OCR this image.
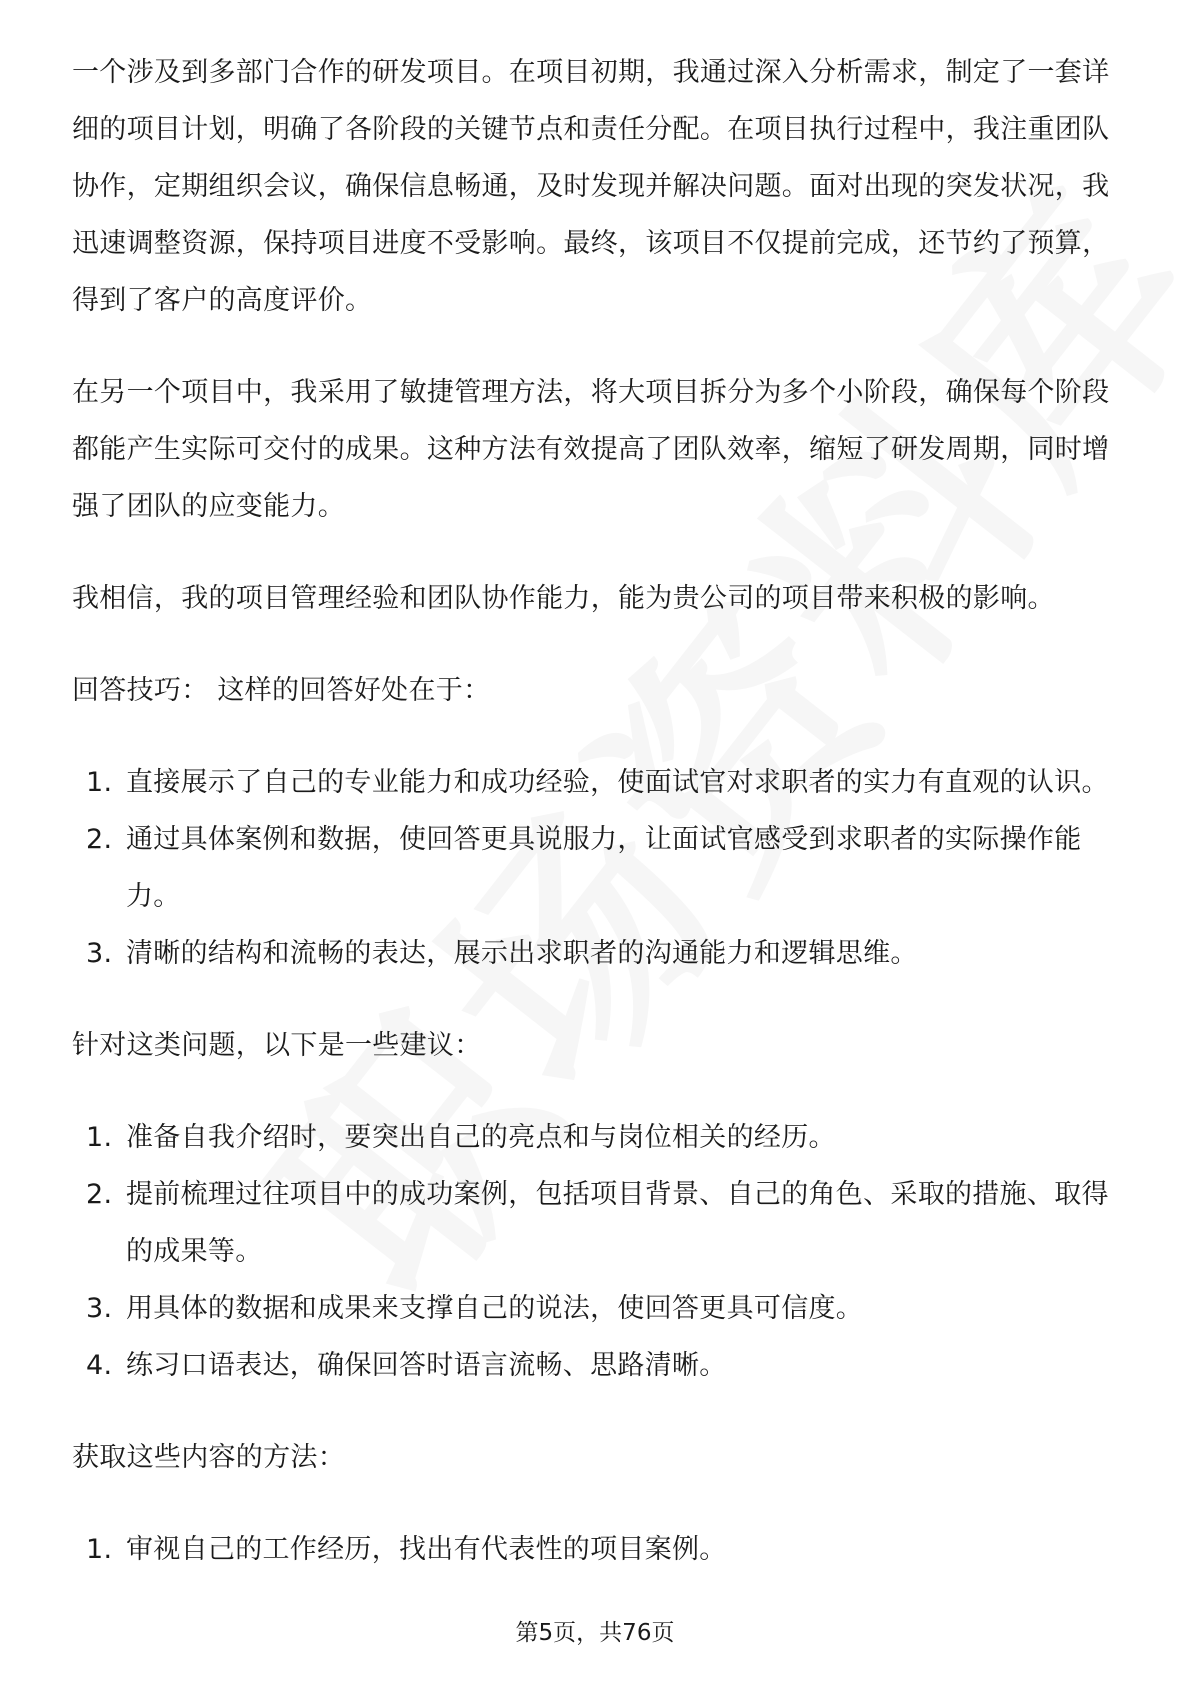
一个涉及到多部门合作的研发项目。在项目初期，我通过深入分析需求，制定了一套详细的项目计划，明确了各阶段的关键节点和责任分配。在项目执行过程中，我注重团队协作，定期组织会议，确保信息畅通，及时发现并解决问题。面对出现的突发状况，我迅速调整资源，保持项目进度不受影响。最终，该项目不仅提前完成，还节约了预算，得到了客户的高度评价。

在另一个项目中，我采用了敏捷管理方法，将大项目拆分为多个小阶段，确保每个阶段都能产生实际可交付的成果。这种方法有效提高了团队效率，缩短了研发周期，同时增强了团队的应变能力。

我相信，我的项目管理经验和团队协作能力，能为贵公司的项目带来积极的影响。

回答技巧： 这样的回答好处在于：

1. 直接展示了自己的专业能力和成功经验，使面试官对求职者的实力有直观的认识。
2. 通过具体案例和数据，使回答更具说服力，让面试官感受到求职者的实际操作能力。
3. 清晰的结构和流畅的表达，展示出求职者的沟通能力和逻辑思维。

针对这类问题，以下是一些建议：

1. 准备自我介绍时，要突出自己的亮点和与岗位相关的经历。
2. 提前梳理过往项目中的成功案例，包括项目背景、自己的角色、采取的措施、取得的成果等。
3. 用具体的数据和成果来支撑自己的说法，使回答更具可信度。
4. 练习口语表达，确保回答时语言流畅、思路清晰。

获取这些内容的方法：

1. 审视自己的工作经历，找出有代表性的项目案例。
第5页，共76页
